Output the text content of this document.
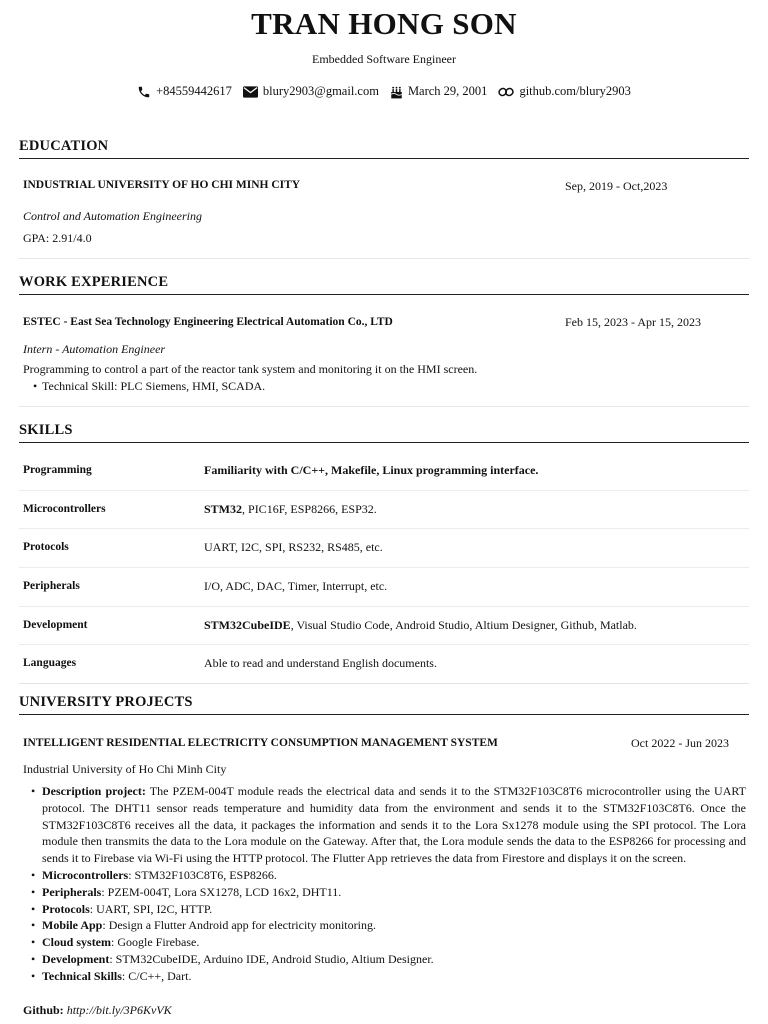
TRAN HONG SON
Embedded Software Engineer
+84559442617 blury2903@gmail.com March 29, 2001	github.com/blury2903
EDUCATION
INDUSTRIAL UNIVERSITY OF HO CHI MINH CITY	Sep, 2019 - Oct,2023
Control and Automation Engineering
GPA: 2.91/4.0
WORK EXPERIENCE
ESTEC - East Sea Technology Engineering Electrical Automation Co., LTD	Feb 15, 2023 - Apr 15, 2023
Intern - Automation Engineer
Programming to control a part of the reactor tank system and monitoring it on the HMI screen.
• Technical Skill: PLC Siemens, HMI, SCADA.
SKILLS
Programming	Familiarity with C/C++, Makefile, Linux programming interface.
Microcontrollers	STM32, PIC16F, ESP8266, ESP32.
Protocols	UART, I2C, SPI, RS232, RS485, etc.
Peripherals	I/O, ADC, DAC, Timer, Interrupt, etc.
Development	STM32CubeIDE, Visual Studio Code, Android Studio, Altium Designer, Github, Matlab.
Languages	Able to read and understand English documents.
UNIVERSITY PROJECTS
INTELLIGENT RESIDENTIAL ELECTRICITY CONSUMPTION MANAGEMENT SYSTEM	Oct 2022 - Jun 2023
Industrial University of Ho Chi Minh City
• Description project: The PZEM-004T module reads the electrical data and sends it to the STM32F103C8T6 microcontroller using the UART protocol. The DHT11 sensor reads temperature and humidity data from the environment and sends it to the STM32F103C8T6. Once the STM32F103C8T6 receives all the data, it packages the information and sends it to the Lora Sx1278 module using the SPI protocol. The Lora module then transmits the data to the Lora module on the Gateway. After that, the Lora module sends the data to the ESP8266 for processing and sends it to Firebase via Wi-Fi using the HTTP protocol. The Flutter App retrieves the data from Firestore and displays it on the screen.
• Microcontrollers: STM32F103C8T6, ESP8266.
• Peripherals: PZEM-004T, Lora SX1278, LCD 16x2, DHT11.
• Protocols: UART, SPI, I2C, HTTP.
• Mobile App: Design a Flutter Android app for electricity monitoring.
• Cloud system: Google Firebase.
• Development: STM32CubeIDE, Arduino IDE, Android Studio, Altium Designer.
• Technical Skills: C/C++, Dart.
Github: http://bit.ly/3P6KvVK
